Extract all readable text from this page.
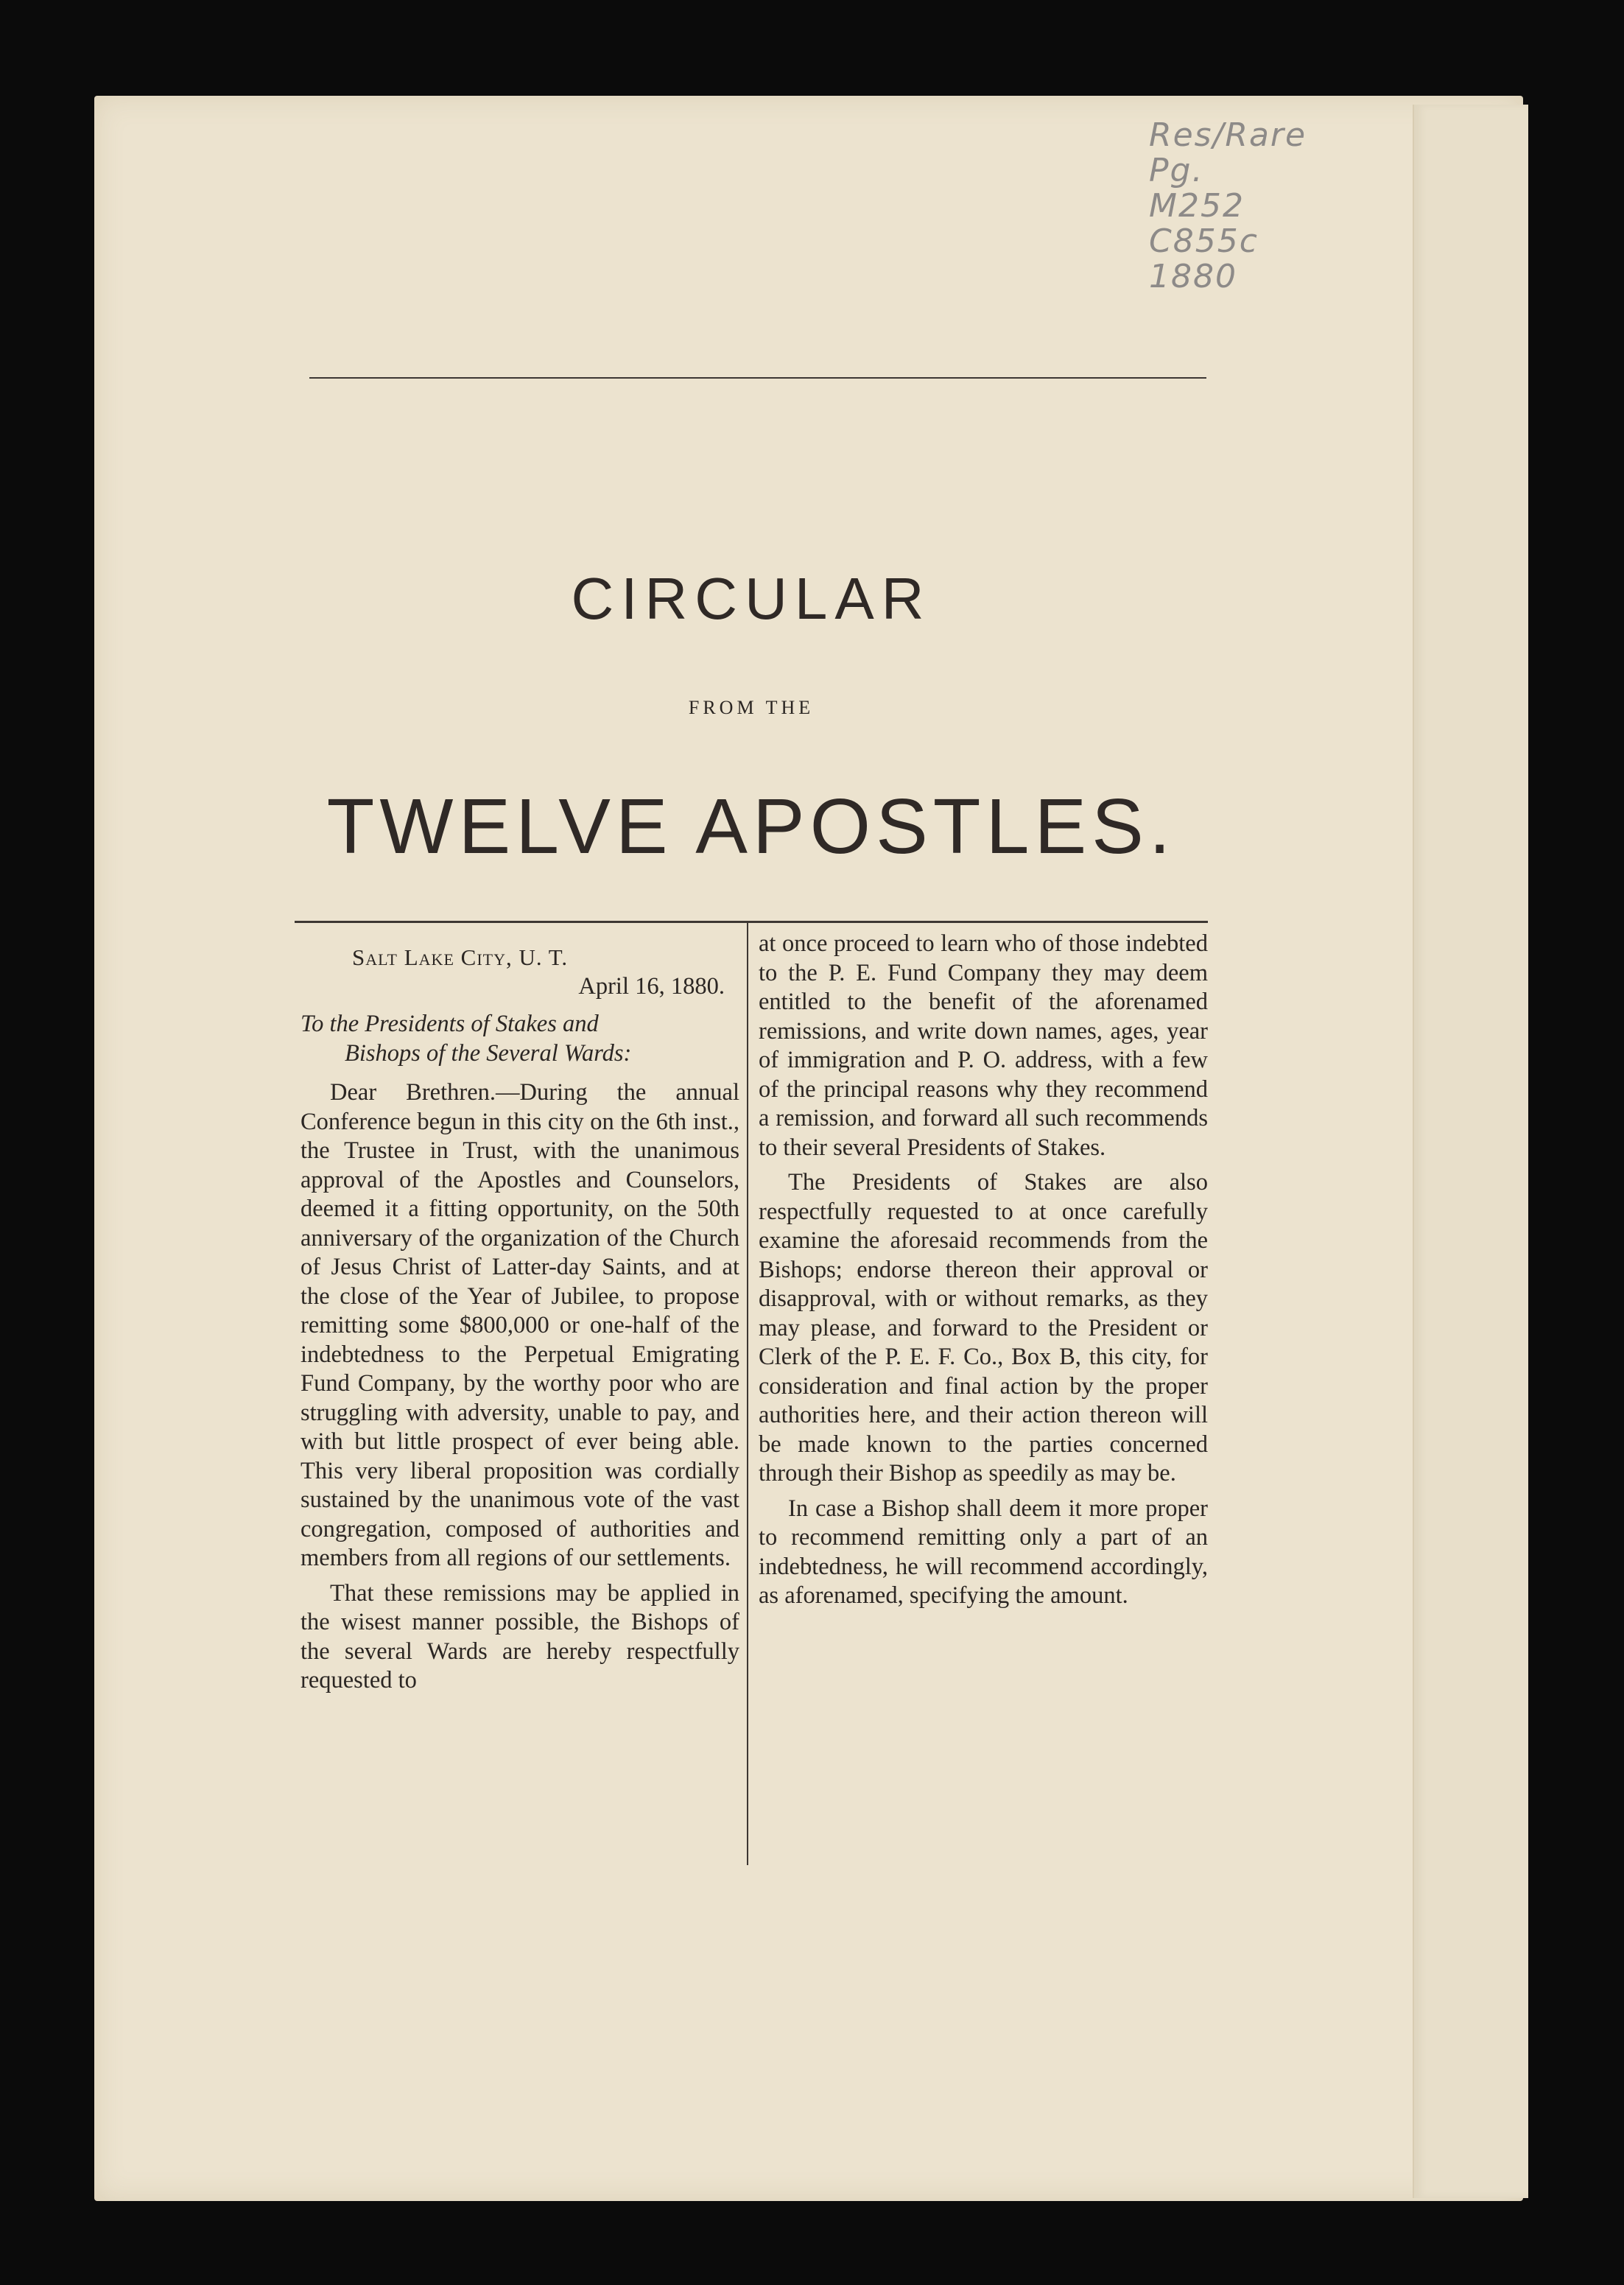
Res/Rare
Pg.
M252
C855c
1880
CIRCULAR
FROM THE
TWELVE APOSTLES.

Salt Lake City, U. T.

April 16, 1880.

To the Presidents of Stakes and
Bishops of the Several Wards:

Dear Brethren.—During the annual Conference begun in this city on the 6th inst., the Trustee in Trust, with the unanimous approval of the Apostles and Counselors, deemed it a fitting opportunity, on the 50th anniversary of the organization of the Church of Jesus Christ of Latter-day Saints, and at the close of the Year of Jubilee, to propose remitting some $800,000 or one-half of the indebtedness to the Perpetual Emigrating Fund Company, by the worthy poor who are struggling with adversity, unable to pay, and with but little prospect of ever being able. This very liberal proposition was cordially sustained by the unanimous vote of the vast congregation, composed of authorities and members from all regions of our settlements.

That these remissions may be applied in the wisest manner possible, the Bishops of the several Wards are hereby respectfully requested to

at once proceed to learn who of those indebted to the P. E. Fund Company they may deem entitled to the benefit of the aforenamed remissions, and write down names, ages, year of immigration and P. O. address, with a few of the principal reasons why they recommend a remission, and forward all such recommends to their several Presidents of Stakes.

The Presidents of Stakes are also respectfully requested to at once carefully examine the aforesaid recommends from the Bishops; endorse thereon their approval or disapproval, with or without remarks, as they may please, and forward to the President or Clerk of the P. E. F. Co., Box B, this city, for consideration and final action by the proper authorities here, and their action thereon will be made known to the parties concerned through their Bishop as speedily as may be.

In case a Bishop shall deem it more proper to recommend remitting only a part of an indebtedness, he will recommend accordingly, as aforenamed, specifying the amount.
